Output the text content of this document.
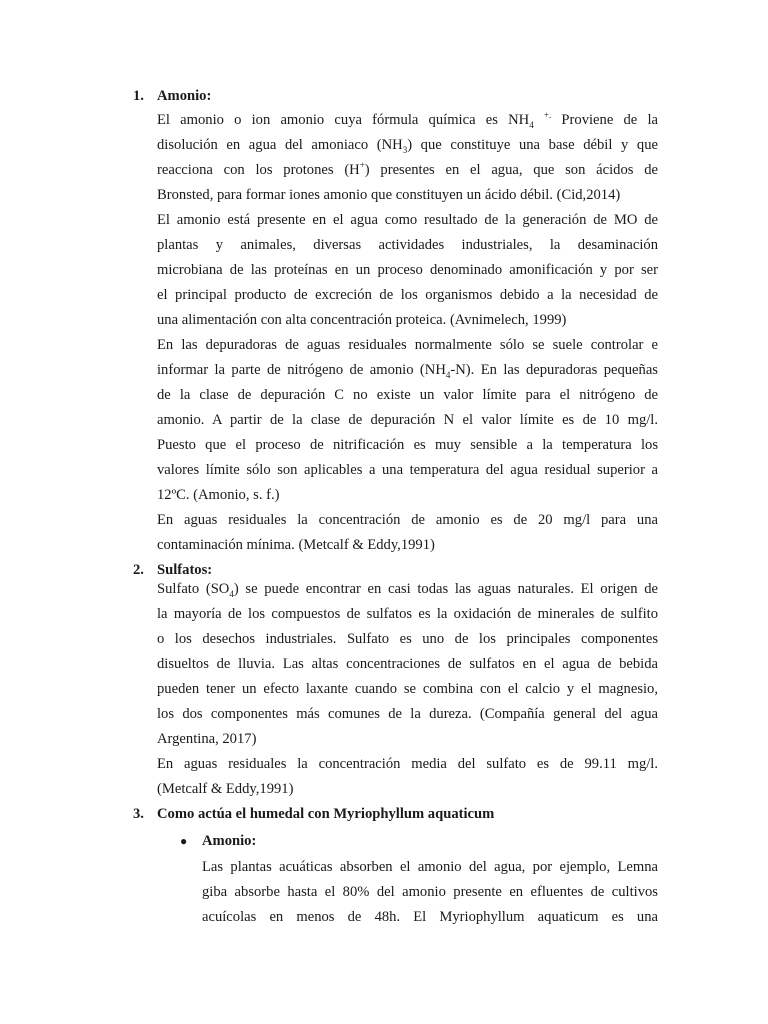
1. Amonio:
El amonio o ion amonio cuya fórmula química es $NH_4$ +. Proviene de la
disolución en agua del amoniaco $(NH_3)$ que constituye una base débil y que
reacciona con los protones (H+) presentes en el agua, que son ácidos de
Bronsted, para formar iones amonio que constituyen un ácido débil. (Cid,2014)
El amonio está presente en el agua como resultado de la generación de MO de
plantas y animales, diversas actividades industriales, la desaminación
microbiana de las proteínas en un proceso denominado amonificación y por ser
el principal producto de excreción de los organismos debido a la necesidad de
una alimentación con alta concentración proteica. (Avnimelech, 1999)
En las depuradoras de aguas residuales normalmente sólo se suele controlar e
informar la parte de nitrógeno de amonio $(NH_4-N)$. En las depuradoras pequeñas
de la clase de depuración C no existe un valor límite para el nitrógeno de
amonio. A partir de la clase de depuración N el valor límite es de 10 mg/l.
Puesto que el proceso de nitrificación es muy sensible a la temperatura los
valores límite sólo son aplicables a una temperatura del agua residual superior a
12ºC. (Amonio, s. f.)
En aguas residuales la concentración de amonio es de 20 mg/l para una
contaminación mínima. (Metcalf & Eddy,1991)
2. Sulfatos:
Sulfato $(SO_4)$ se puede encontrar en casi todas las aguas naturales. El origen de
la mayoría de los compuestos de sulfatos es la oxidación de minerales de sulfito
o los desechos industriales. Sulfato es uno de los principales componentes
disueltos de lluvia. Las altas concentraciones de sulfatos en el agua de bebida
pueden tener un efecto laxante cuando se combina con el calcio y el magnesio,
los dos componentes más comunes de la dureza. (Compañía general del agua
Argentina, 2017)
En aguas residuales la concentración media del sulfato es de 99.11 mg/l.
(Metcalf & Eddy,1991)
3. Como actúa el humedal con Myriophyllum aquaticum
● Amonio:
Las plantas acuáticas absorben el amonio del agua, por ejemplo, Lemna
giba absorbe hasta el 80% del amonio presente en efluentes de cultivos
acuícolas en menos de 48h. El Myriophyllum aquaticum es una
